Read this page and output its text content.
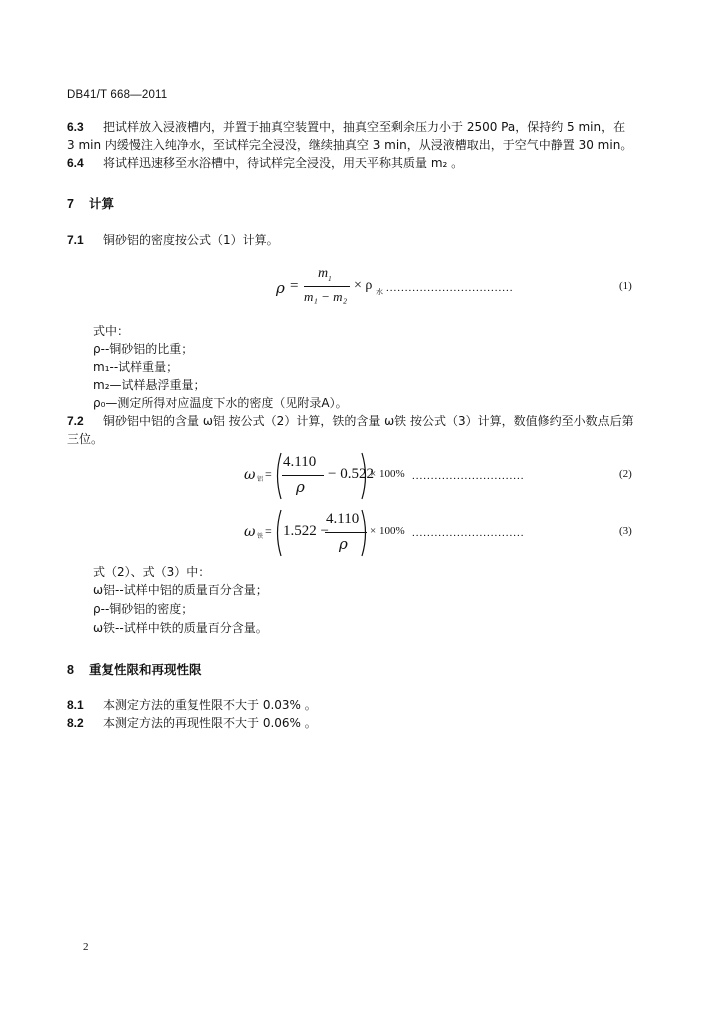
DB41/T 668—2011
6.3 把试样放入浸液槽内，并置于抽真空装置中，抽真空至剩余压力小于 2500 Pa，保持约 5 min，在
3 min 内缓慢注入纯净水，至试样完全浸没，继续抽真空 3 min，从浸液槽取出，于空气中静置 30 min。
6.4 将试样迅速移至水浴槽中，待试样完全浸没，用天平称其质量 m₂ 。
7 计算
7.1 铜砂铝的密度按公式（1）计算。
ρ =
$m_1$
m₁ − m₂
× ρ 水 ..................................	(1)
式中：
ρ--铜砂铝的比重；
m₁--试样重量；
m₂—试样悬浮重量；
ρ₀—测定所得对应温度下水的密度（见附录A）。
7.2 铜砂铝中铝的含量 ω铝 按公式（2）计算，铁的含量 ω铁 按公式（3）计算，数值修约至小数点后第
三位。
ω 铝 =
4.110
ρ
− 0.522
× 100% ..............................	(2)
ω 铁 = 1.522 −
4.110
ρ
× 100% ..............................	(3)
式（2）、式（3）中：
ω铝--试样中铝的质量百分含量；
ρ--铜砂铝的密度；
ω铁--试样中铁的质量百分含量。
8 重复性限和再现性限
8.1 本测定方法的重复性限不大于 0.03% 。
8.2 本测定方法的再现性限不大于 0.06% 。
2
